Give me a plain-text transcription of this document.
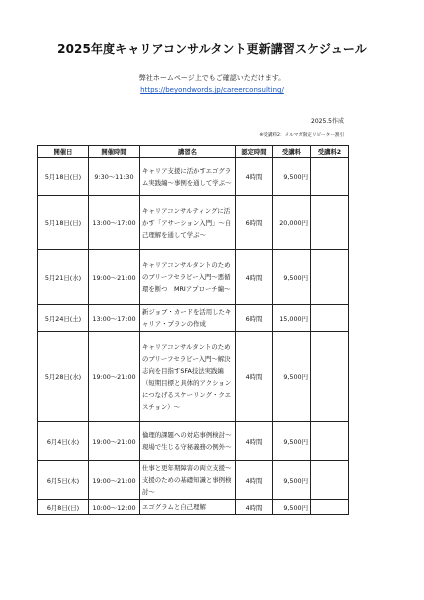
2025年度キャリアコンサルタント更新講習スケジュール
弊社ホームページ上でもご確認いただけます。
https://beyondwords.jp/careerconsulting/
2025.5作成
※受講料2：メルマガ限定リピーター割引
開催日	開催時間	講習名	認定時間	受講料	受講料2
5月18日(日)	9:30～11:30	キャリア支援に活かすエゴグラム実践編～事例を通して学ぶ～	4時間	9,500円	
5月18日(日)	13:00～17:00	キャリアコンサルティングに活かす「アサーション入門」～自己理解を通して学ぶ～	6時間	20,000円	
5月21日(水)	19:00～21:00	キャリアコンサルタントのためのブリーフセラピー入門～悪循環を断つ　MRIアプローチ編～	4時間	9,500円	
5月24日(土)	13:00～17:00	新ジョブ・カードを活用したキャリア・プランの作成	6時間	15,000円	
5月28日(水)	19:00～21:00	キャリアコンサルタントのためのブリーフセラピー入門～解決志向を目指すSFA技法実践編（短期目標と具体的アクションにつなげるスケーリング・クエスチョン）～	4時間	9,500円	
6月4日(水)	19:00～21:00	倫理的課題への対応事例検討～現場で生じる守秘義務の例外～	4時間	9,500円	
6月5日(木)	19:00～21:00	仕事と更年期障害の両立支援～支援のための基礎知識と事例検討～	4時間	9,500円	
6月8日(日)	10:00～12:00	エゴグラムと自己理解	4時間	9,500円	
